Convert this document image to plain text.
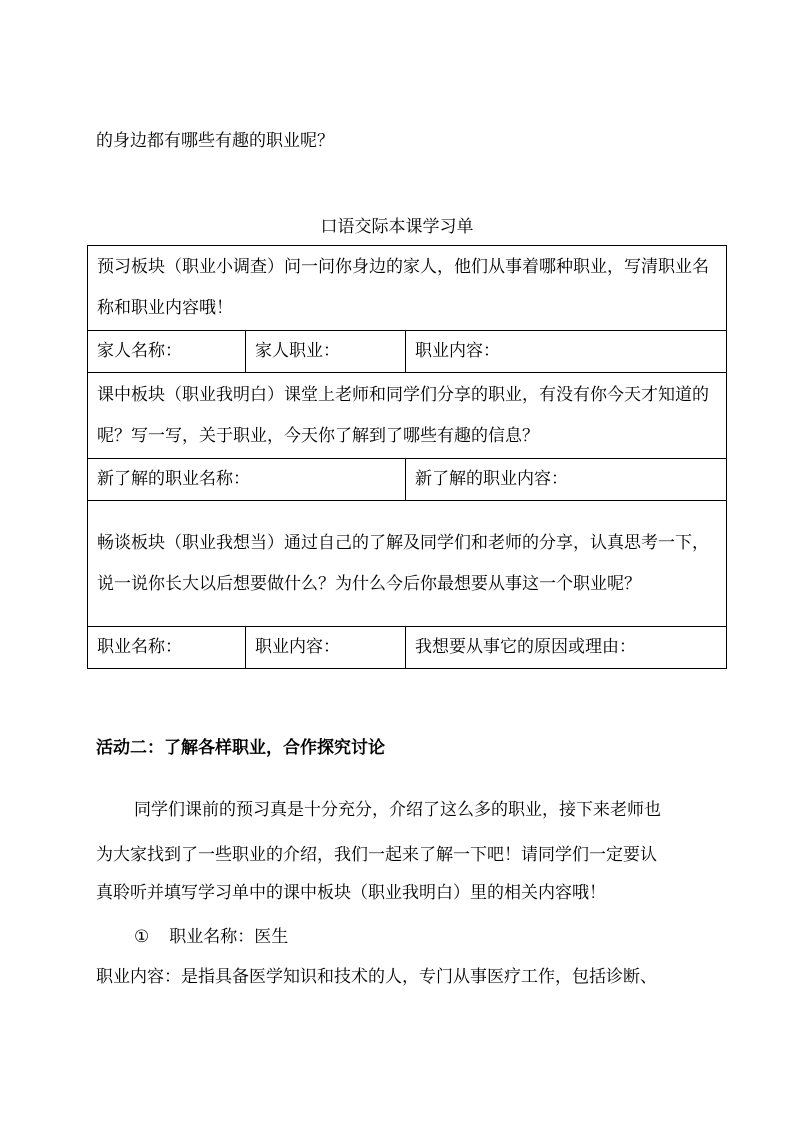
的身边都有哪些有趣的职业呢？
口语交际本课学习单
预习板块（职业小调查）问一问你身边的家人，他们从事着哪种职业，写清职业名称和职业内容哦！		

家人名称：	家人职业：	职业内容：

课中板块（职业我明白）课堂上老师和同学们分享的职业，有没有你今天才知道的呢？写一写，关于职业，今天你了解到了哪些有趣的信息？		

新了解的职业名称：		新了解的职业内容：

畅谈板块（职业我想当）通过自己的了解及同学们和老师的分享，认真思考一下，说一说你长大以后想要做什么？为什么今后你最想要从事这一个职业呢？		

职业名称：	职业内容：	我想要从事它的原因或理由：
活动二：了解各样职业，合作探究讨论
同学们课前的预习真是十分充分，介绍了这么多的职业，接下来老师也
为大家找到了一些职业的介绍，我们一起来了解一下吧！请同学们一定要认
真聆听并填写学习单中的课中板块（职业我明白）里的相关内容哦！
① 职业名称：医生
职业内容：是指具备医学知识和技术的人，专门从事医疗工作，包括诊断、
